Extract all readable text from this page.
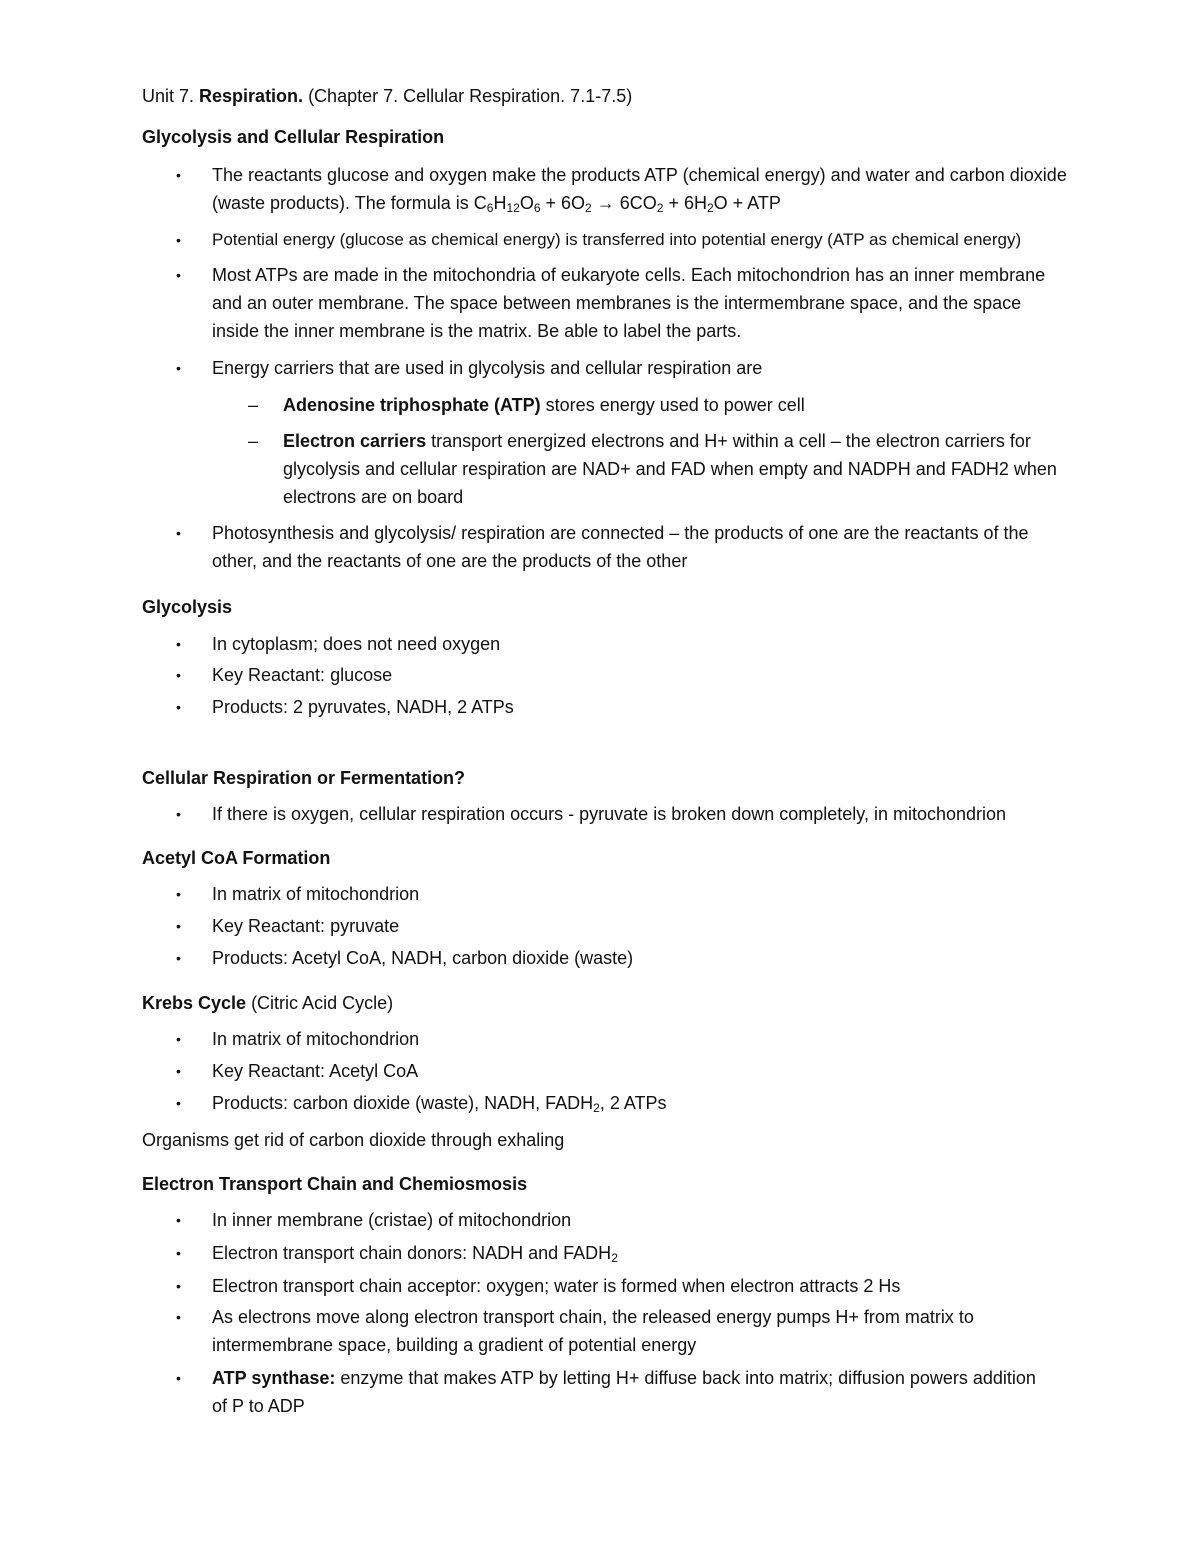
Unit 7. Respiration. (Chapter 7. Cellular Respiration. 7.1-7.5)
Glycolysis and Cellular Respiration
• The reactants glucose and oxygen make the products ATP (chemical energy) and water and carbon dioxide (waste products). The formula is $C_6H_{12}O_6 + 6O_2 \to 6CO_2 + 6H_2O$ + ATP
• Potential energy (glucose as chemical energy) is transferred into potential energy (ATP as chemical energy)
• Most ATPs are made in the mitochondria of eukaryote cells. Each mitochondrion has an inner membrane and an outer membrane. The space between membranes is the intermembrane space, and the space inside the inner membrane is the matrix. Be able to label the parts.
• Energy carriers that are used in glycolysis and cellular respiration are
– Adenosine triphosphate (ATP) stores energy used to power cell
– Electron carriers transport energized electrons and H+ within a cell – the electron carriers for glycolysis and cellular respiration are NAD+ and FAD when empty and NADPH and FADH2 when electrons are on board
• Photosynthesis and glycolysis/ respiration are connected – the products of one are the reactants of the other, and the reactants of one are the products of the other
Glycolysis
• In cytoplasm; does not need oxygen
• Key Reactant: glucose
• Products: 2 pyruvates, NADH, 2 ATPs
Cellular Respiration or Fermentation?
• If there is oxygen, cellular respiration occurs - pyruvate is broken down completely, in mitochondrion
Acetyl CoA Formation
• In matrix of mitochondrion
• Key Reactant: pyruvate
• Products: Acetyl CoA, NADH, carbon dioxide (waste)
Krebs Cycle (Citric Acid Cycle)
• In matrix of mitochondrion
• Key Reactant: Acetyl CoA
• Products: carbon dioxide (waste), NADH, $FADH_2$, 2 ATPs
Organisms get rid of carbon dioxide through exhaling
Electron Transport Chain and Chemiosmosis
• In inner membrane (cristae) of mitochondrion
• Electron transport chain donors: NADH and $FADH_2$
• Electron transport chain acceptor: oxygen; water is formed when electron attracts 2 Hs
• As electrons move along electron transport chain, the released energy pumps H+ from matrix to intermembrane space, building a gradient of potential energy
• ATP synthase: enzyme that makes ATP by letting H+ diffuse back into matrix; diffusion powers addition of P to ADP
